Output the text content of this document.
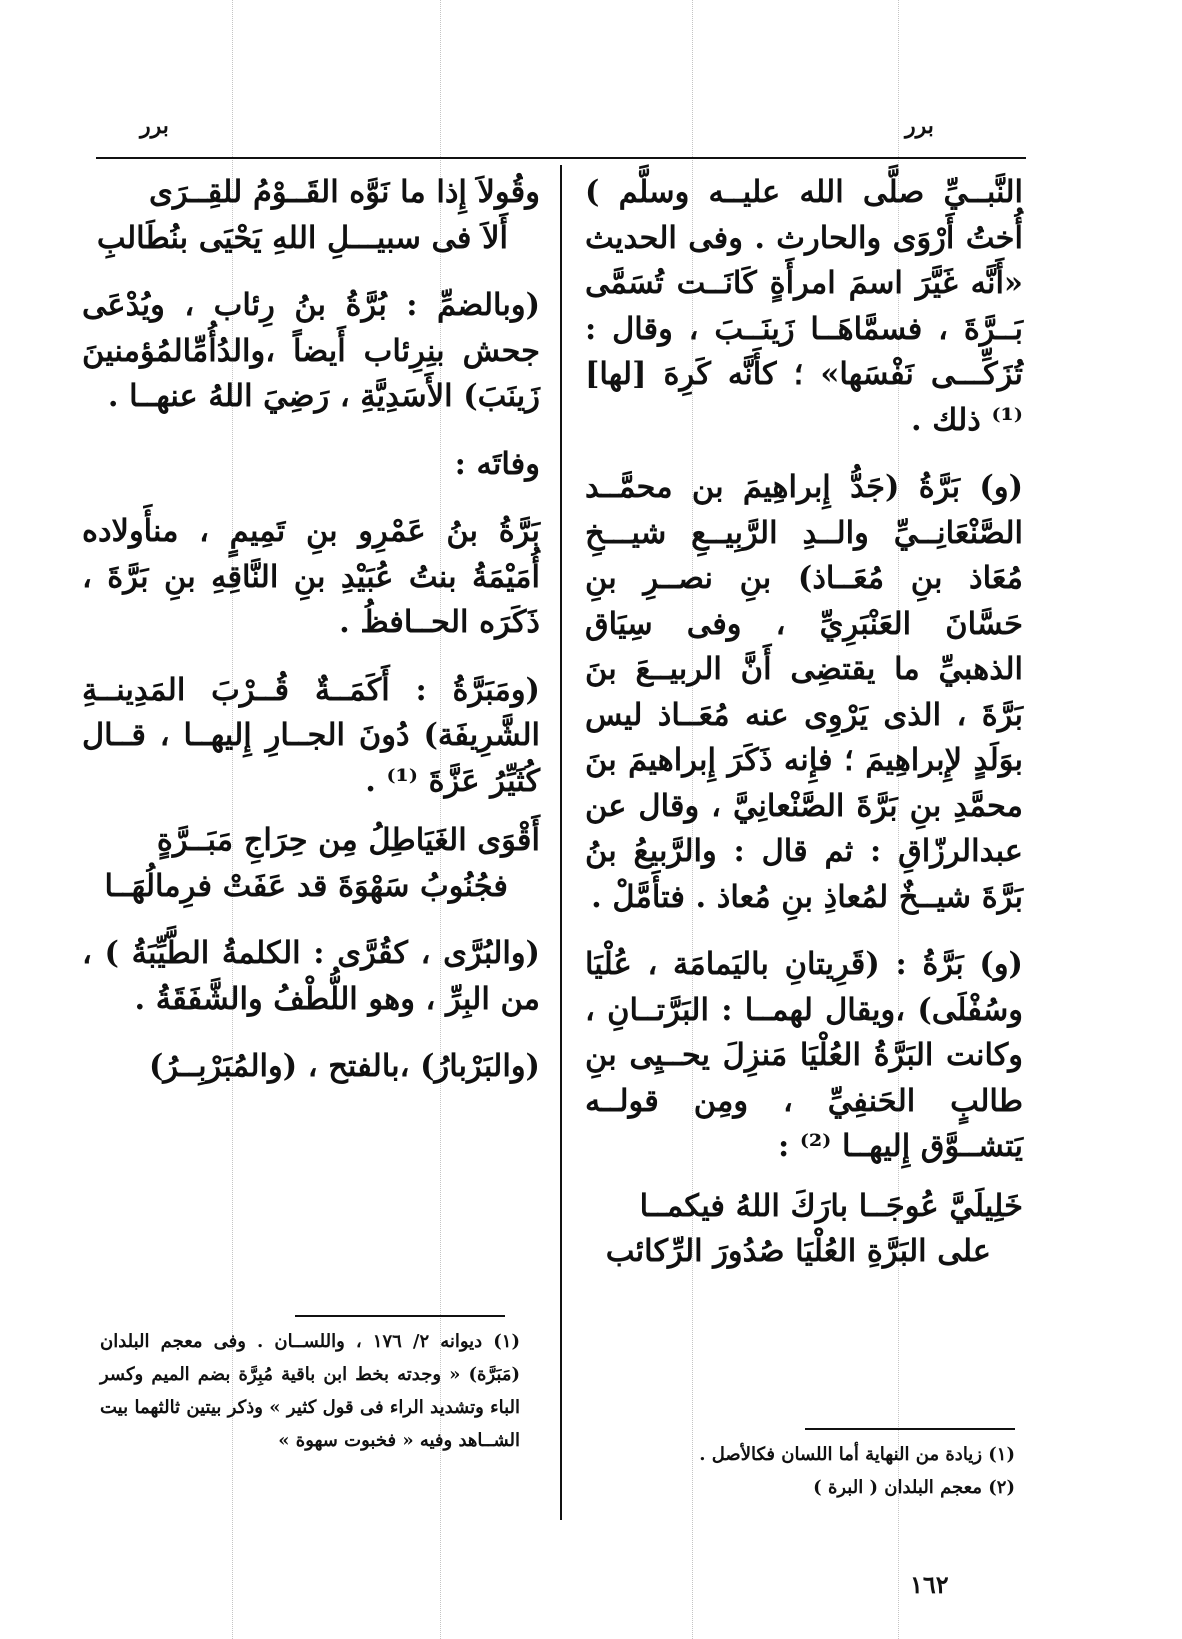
برر
برر

النَّبــيِّ صلَّى الله عليــه وسلَّم ) أُختُ أَرْوَى والحارث . وفى الحديث «أَنَّه غَيَّرَ اسمَ امرأَةٍ كَانَــت تُسَمَّى بَــرَّةَ ، فسمَّاهَــا زَينَــبَ ، وقال : تُزَكِّـــى نَفْسَها» ؛ كأَنَّه كَرِهَ [لها] ⁽¹⁾ ذلك .

(و) بَرَّةُ (جَدُّ إِبراهِيمَ بن محمَّــد الصَّنْعَانِــيِّ والــدِ الرَّبِيــعِ شيـــخِ مُعَاذ بنِ مُعَــاذ) بنِ نصــرِ بنِ حَسَّانَ العَنْبَرِيِّ ، وفى سِيَاق الذهبيِّ ما يقتضِى أَنَّ الربيــعَ بنَ بَرَّةَ ، الذى يَرْوِى عنه مُعَــاذ ليس بوَلَدٍ لإِبراهِيمَ ؛ فإِنه ذَكَرَ إِبراهيمَ بنَ محمَّدِ بنِ بَرَّةَ الصَّنْعانِيَّ ، وقال عن عبدالرزّاقِ : ثم قال : والرَّبيعُ بنُ بَرَّةَ شيــخٌ لمُعاذِ بنِ مُعاذ . فتأَمَّلْ .

(و) بَرَّةُ : (قَرِيتانِ باليَمامَة ، عُلْيَا وسُفْلَى) ،ويقال لهمــا : البَرَّتــانِ ، وكانت البَرَّةُ العُلْيَا مَنزِلَ يحــيِى بنِ طالبٍ الحَنفِيِّ ، ومِن قولــه يَتشــوَّق إِليهــا ⁽²⁾ :

خَلِيلَيَّ عُوجَــا بارَكَ اللهُ فيكمــا
على البَرَّةِ العُلْيَا صُدُورَ الرِّكائب

(١) زيادة من النهاية أما اللسان فكالأصل .

(٢) معجم البلدان ( البرة )

وقُولاَ إِذا ما نَوَّه القَــوْمُ للقِــرَى
أَلاَ فى سبيـــلِ اللهِ يَحْيَى بنُطَالبِ

(وبالضمِّ : بُرَّةُ بنُ رِئاب ، ويُدْعَى جحش بنِرِئاب أَيضاً ،والدُأُمِّالمُؤمنينَ زَينَبَ) الأَسَدِيَّةِ ، رَضِيَ اللهُ عنهــا .

وفاتَه :

بَرَّةُ بنُ عَمْرِو بنِ تَمِيمٍ ، منأَولاده أُمَيْمَةُ بنتُ عُبَيْدِ بنِ النَّاقِهِ بنِ بَرَّةَ ، ذَكَرَه الحــافظُ .

(ومَبَرَّةُ : أَكَمَــةٌ قُــرْبَ المَدِينــةِ الشَّرِيفَة) دُونَ الجــارِ إِليهــا ، قــال كُثَيِّرُ عَزَّةَ ⁽¹⁾ .

أَقْوَى الغَيَاطِلُ مِن حِرَاجِ مَبَــرَّةٍ
فجُنُوبُ سَهْوَةَ قد عَفَتْ فرِمالُهَــا

(والبُرَّى ، كقُرَّى : الكلمةُ الطَّيِّبَةُ ) ، من البِرِّ ، وهو اللُّطْفُ والشَّفَقَةُ .

(والبَرْبارُ) ،بالفتح ، (والمُبَرْبِــرُ)

(١) ديوانه ٢/ ١٧٦ ، واللســان . وفى معجم البلدان (مَبَرَّة) « وجدته بخط ابن باقية مُبِرَّة بضم الميم وكسر الباء وتشديد الراء فى قول كثير » وذكر بيتين ثالثهما بيت الشــاهد وفيه « فخبوت سهوة »

١٦٢
